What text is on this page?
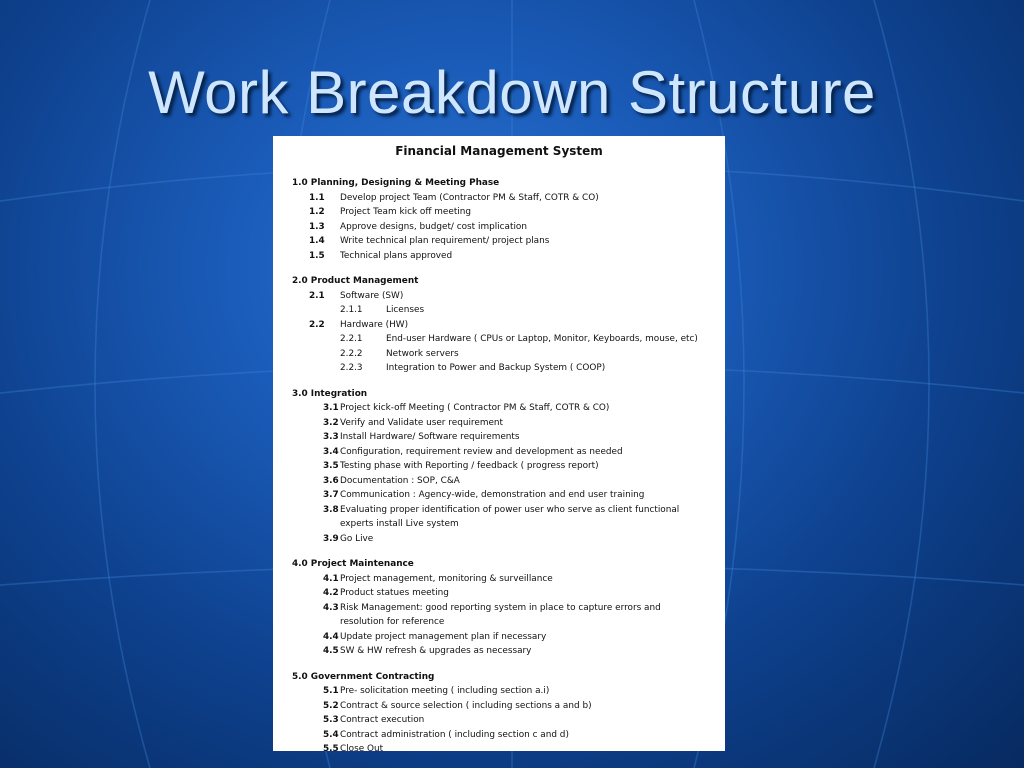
Work Breakdown Structure
Financial Management System
1.0 Planning, Designing & Meeting Phase
1.1 Develop project Team (Contractor PM & Staff, COTR & CO)
1.2 Project Team kick off meeting
1.3 Approve designs, budget/ cost implication
1.4 Write technical plan requirement/ project plans
1.5 Technical plans approved
2.0 Product Management
2.1 Software (SW)
2.1.1	Licenses
2.2 Hardware (HW)
2.2.1	End-user Hardware ( CPUs or Laptop, Monitor, Keyboards, mouse, etc)
2.2.2	Network servers
2.2.3	Integration to Power and Backup System ( COOP)
3.0 Integration
3.1 Project kick-off Meeting ( Contractor PM & Staff, COTR & CO)
3.2 Verify and Validate user requirement
3.3 Install Hardware/ Software requirements
3.4 Configuration, requirement review and development as needed
3.5 Testing phase with Reporting / feedback ( progress report)
3.6 Documentation : SOP, C&A
3.7 Communication : Agency-wide, demonstration and end user training
3.8 Evaluating proper identification of power user who serve as client functional
experts install Live system
3.9 Go Live
4.0 Project Maintenance
4.1 Project management, monitoring & surveillance
4.2 Product statues meeting
4.3 Risk Management: good reporting system in place to capture errors and
resolution for reference
4.4 Update project management plan if necessary
4.5 SW & HW refresh & upgrades as necessary
5.0 Government Contracting
5.1 Pre- solicitation meeting ( including section a.i)
5.2 Contract & source selection ( including sections a and b)
5.3 Contract execution
5.4 Contract administration ( including section c and d)
5.5 Close Out
